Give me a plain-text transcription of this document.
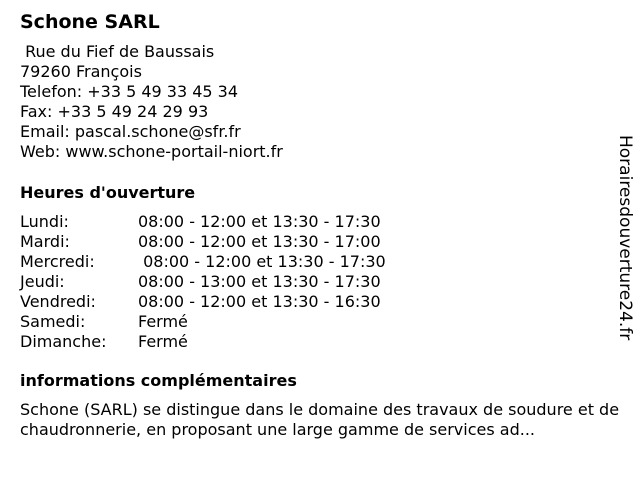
Schone SARL
Rue du Fief de Baussais
79260 François
Telefon: +33 5 49 33 45 34
Fax: +33 5 49 24 29 93
Email: pascal.schone@sfr.fr
Web: www.schone-portail-niort.fr
Heures d'ouverture
Lundi:	08:00 - 12:00 et 13:30 - 17:30
Mardi:	08:00 - 12:00 et 13:30 - 17:00
Mercredi:	08:00 - 12:00 et 13:30 - 17:30
Jeudi:	08:00 - 13:00 et 13:30 - 17:30
Vendredi:	08:00 - 12:00 et 13:30 - 16:30
Samedi:	Fermé
Dimanche:	Fermé
informations complémentaires
Schone (SARL) se distingue dans le domaine des travaux de soudure et de chaudronnerie, en proposant une large gamme de services ad...
Horairesdouverture24.fr
